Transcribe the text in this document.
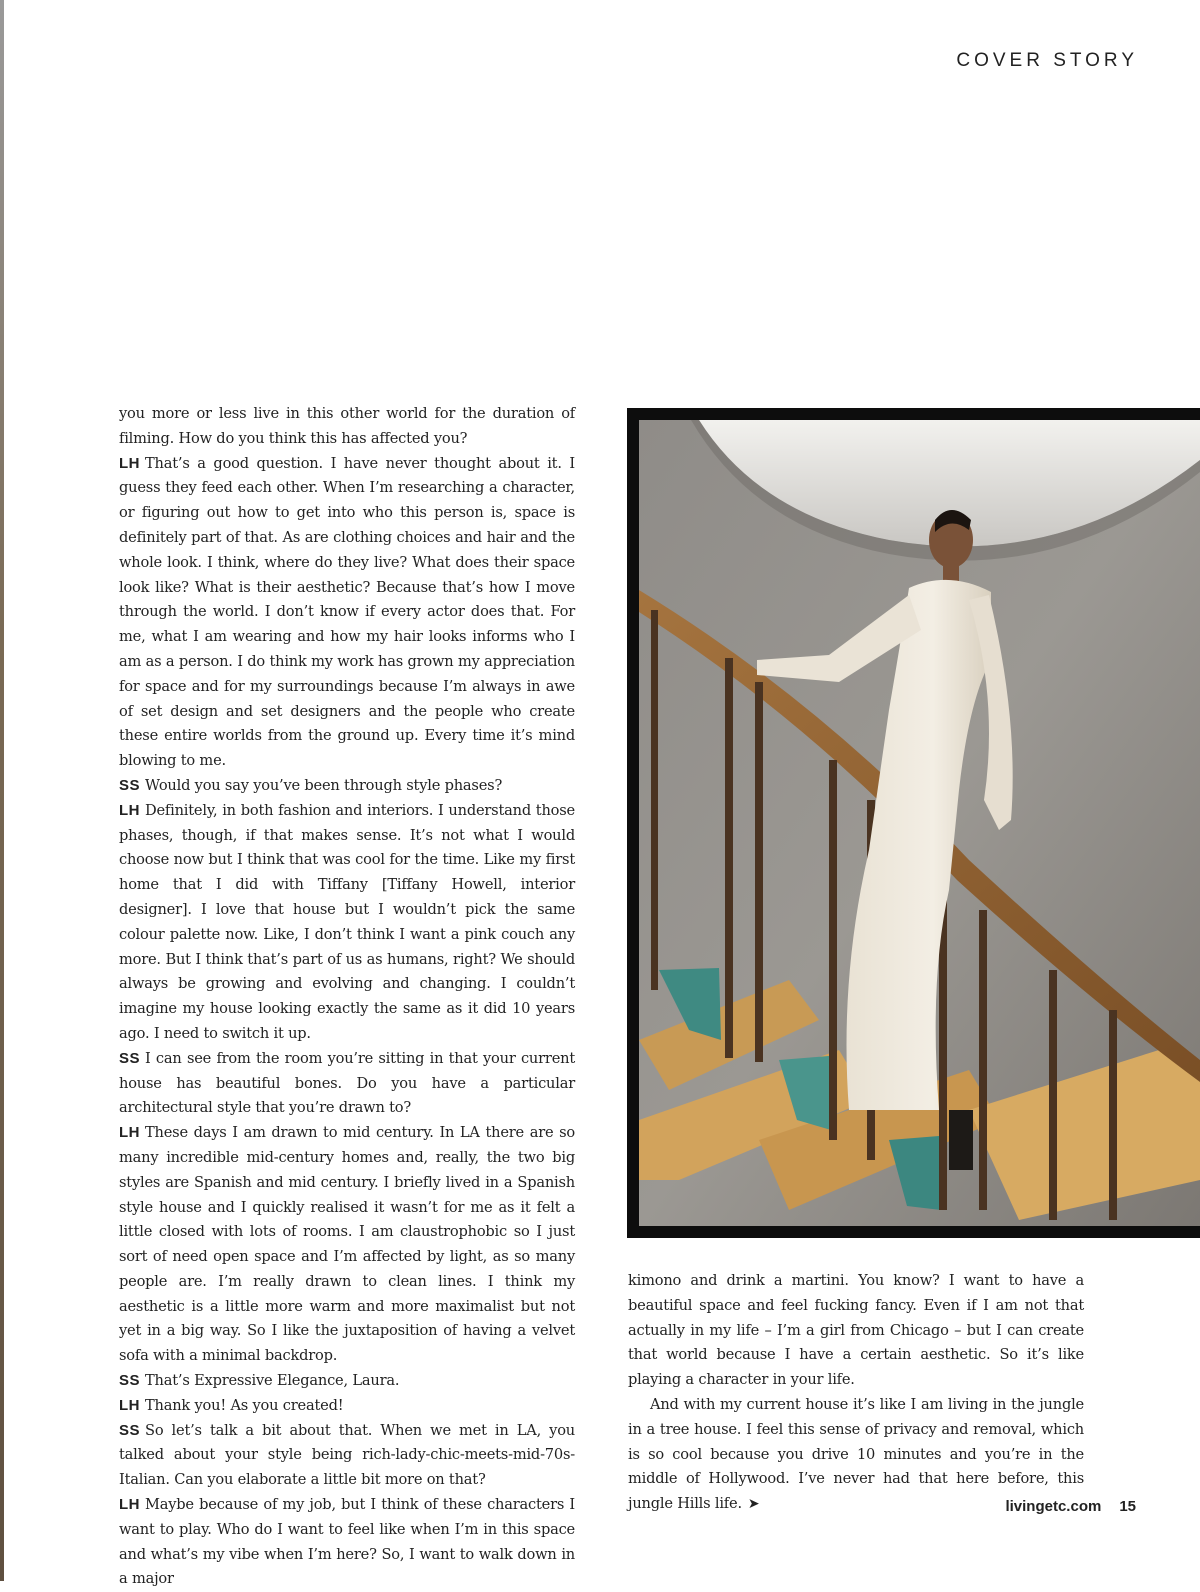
COVER STORY

you more or less live in this other world for the duration of filming. How do you think this has affected you?

LH That’s a good question. I have never thought about it. I guess they feed each other. When I’m researching a character, or figuring out how to get into who this person is, space is definitely part of that. As are clothing choices and hair and the whole look. I think, where do they live? What does their space look like? What is their aesthetic? Because that’s how I move through the world. I don’t know if every actor does that. For me, what I am wearing and how my hair looks informs who I am as a person. I do think my work has grown my appreciation for space and for my surroundings because I’m always in awe of set design and set designers and the people who create these entire worlds from the ground up. Every time it’s mind blowing to me.

SS Would you say you’ve been through style phases?

LH Definitely, in both fashion and interiors. I understand those phases, though, if that makes sense. It’s not what I would choose now but I think that was cool for the time. Like my first home that I did with Tiffany [Tiffany Howell, interior designer]. I love that house but I wouldn’t pick the same colour palette now. Like, I don’t think I want a pink couch any more. But I think that’s part of us as humans, right? We should always be growing and evolving and changing. I couldn’t imagine my house looking exactly the same as it did 10 years ago. I need to switch it up.

SS I can see from the room you’re sitting in that your current house has beautiful bones. Do you have a particular architectural style that you’re drawn to?

LH These days I am drawn to mid century. In LA there are so many incredible mid-century homes and, really, the two big styles are Spanish and mid century. I briefly lived in a Spanish style house and I quickly realised it wasn’t for me as it felt a little closed with lots of rooms. I am claustrophobic so I just sort of need open space and I’m affected by light, as so many people are. I’m really drawn to clean lines. I think my aesthetic is a little more warm and more maximalist but not yet in a big way. So I like the juxtaposition of having a velvet sofa with a minimal backdrop.

SS That’s Expressive Elegance, Laura.

LH Thank you! As you created!

SS So let’s talk a bit about that. When we met in LA, you talked about your style being rich-lady-chic-meets-mid-70s-Italian. Can you elaborate a little bit more on that?

LH Maybe because of my job, but I think of these characters I want to play. Who do I want to feel like when I’m in this space and what’s my vibe when I’m here? So, I want to walk down in a major

kimono and drink a martini. You know? I want to have a beautiful space and feel fucking fancy. Even if I am not that actually in my life – I’m a girl from Chicago – but I can create that world because I have a certain aesthetic. So it’s like playing a character in your life.

And with my current house it’s like I am living in the jungle in a tree house. I feel this sense of privacy and removal, which is so cool because you drive 10 minutes and you’re in the middle of Hollywood. I’ve never had that here before, this jungle Hills life. ➤	livingetc.com 15
